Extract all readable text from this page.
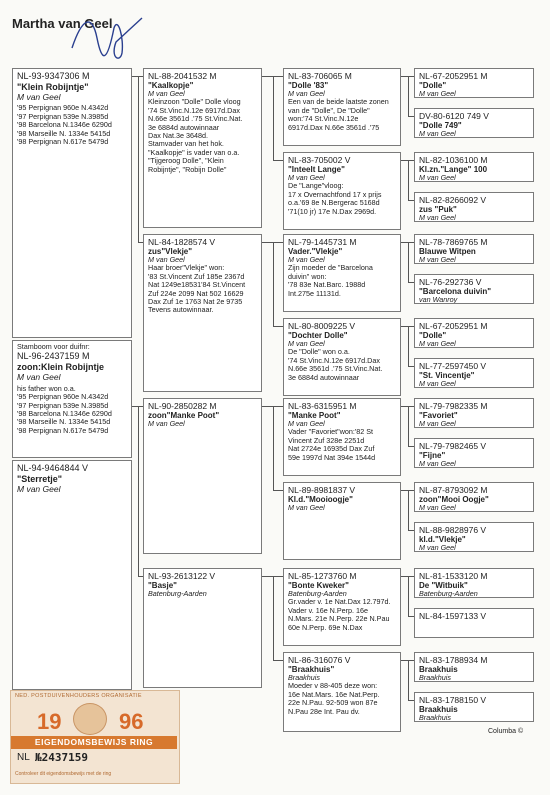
Martha van Geel
NL-93-9347306 M
"Klein Robijntje"
M van Geel
'95 Perpignan 960e N.4342d
'97 Perpignan 539e N.3985d
'98 Barcelona N.1346e 6290d
'98 Marseille N. 1334e 5415d
'98 Perpignan N.617e 5479d
Stamboom voor duifnr:
NL-96-2437159 M
zoon:Klein Robijntje
M van Geel
his father won o.a.
'95 Perpignan 960e N.4342d
'97 Perpignan 539e N.3985d
'98 Barcelona N.1346e 6290d
'98 Marseille N. 1334e 5415d
'98 Perpignan N.617e 5479d
NL-94-9464844 V
"Sterretje"
M van Geel
NL-88-2041532 M
"Kaalkopje"
M van Geel
Kleinzoon "Dolle" Dolle vloog
'74 St.Vinc.N.12e 6917d.Dax
N.66e 3561d .'75 St.Vinc.Nat.
3e 6884d autowinnaar
Dax Nat.3e 3648d.
Stamvader van het hok.
"Kaalkopje" is vader van o.a.
"Tijgeroog Dolle", "Klein
Robijntje", "Robijn Dolle"
NL-84-1828574 V
zus"Vlekje"
M van Geel
Haar broer"Vlekje" won:
'83 St.Vincent Zuf 185e 2367d
Nat 1249e18531'84 St.Vincent
Zuf 224e 2099 Nat 502 16629
Dax Zuf 1e 1763 Nat 2e 9735
Tevens autowinnaar.
NL-90-2850282 M
zoon"Manke Poot"
M van Geel
NL-93-2613122 V
"Basje"
Batenburg-Aarden
NL-83-706065 M
"Dolle '83"
M van Geel
Een van de beide laatste zonen
van de "Dolle", De "Dolle"
won:'74 St.Vinc.N.12e
6917d.Dax N.66e 3561d .'75
NL-83-705002 V
"Inteelt Lange"
M van Geel
De "Lange"vloog:
17 x Overnachtfond 17 x prijs
o.a.'69 8e N.Bergerac 5168d
'71(10 jr) 17e N.Dax 2969d.
NL-79-1445731 M
Vader."Vlekje"
M van Geel
Zijn moeder de "Barcelona
duivin" won:
'78 83e Nat.Barc. 1988d
Int.275e 11131d.
NL-80-8009225 V
"Dochter Dolle"
M van Geel
De "Dolle" won o.a.
'74 St.Vinc.N.12e 6917d.Dax
N.66e 3561d .'75 St.Vinc.Nat.
3e 6884d autowinnaar
NL-83-6315951 M
"Manke Poot"
M van Geel
Vader "Favoriet"won:'82 St
Vincent Zuf 328e 2251d
Nat 2724e 16935d Dax Zuf
59e 1997d Nat 394e 1544d
NL-89-8981837 V
Kl.d."Mooioogje"
M van Geel
NL-85-1273760 M
"Bonte Kweker"
Batenburg-Aarden
Gr.vader v. 1e Nat.Dax 12.797d.
Vader v. 16e N.Perp. 16e
N.Mars. 21e N.Perp. 22e N.Pau
60e N.Perp. 69e N.Dax
NL-86-316076 V
"Braakhuis"
Braakhuis
Moeder v 88-405 deze won:
16e Nat.Mars. 16e Nat.Perp.
22e N.Pau. 92-509 won 87e
N.Pau 28e Int. Pau dv.
NL-67-2052951 M
"Dolle"
M van Geel
DV-80-6120 749 V
"Dolle 749"
M van Geel
NL-82-1036100 M
Kl.zn."Lange" 100
M van Geel
NL-82-8266092 V
zus "Puk"
M van Geel
NL-78-7869765 M
Blauwe Witpen
M van Geel
NL-76-292736 V
"Barcelona duivin"
van Wanroy
NL-67-2052951 M
"Dolle"
M van Geel
NL-77-2597450 V
"St. Vincentje"
M van Geel
NL-79-7982335 M
"Favoriet"
M van Geel
NL-79-7982465 V
"Fijne"
M van Geel
NL-87-8793092 M
zoon"Mooi Oogje"
M van Geel
NL-88-9828976 V
kl.d."Vlekje"
M van Geel
NL-81-1533120 M
De "Witbuik"
Batenburg-Aarden
NL-84-1597133 V
NL-83-1788934 M
Braakhuis
Braakhuis
NL-83-1788150 V
Braakhuis
Braakhuis
NED. POSTDUIVENHOUDERS ORGANISATIE
19	96
EIGENDOMSBEWIJS RING
NL №2437159
Controleer dit eigendomsbewijs met de ring
Columba ©
